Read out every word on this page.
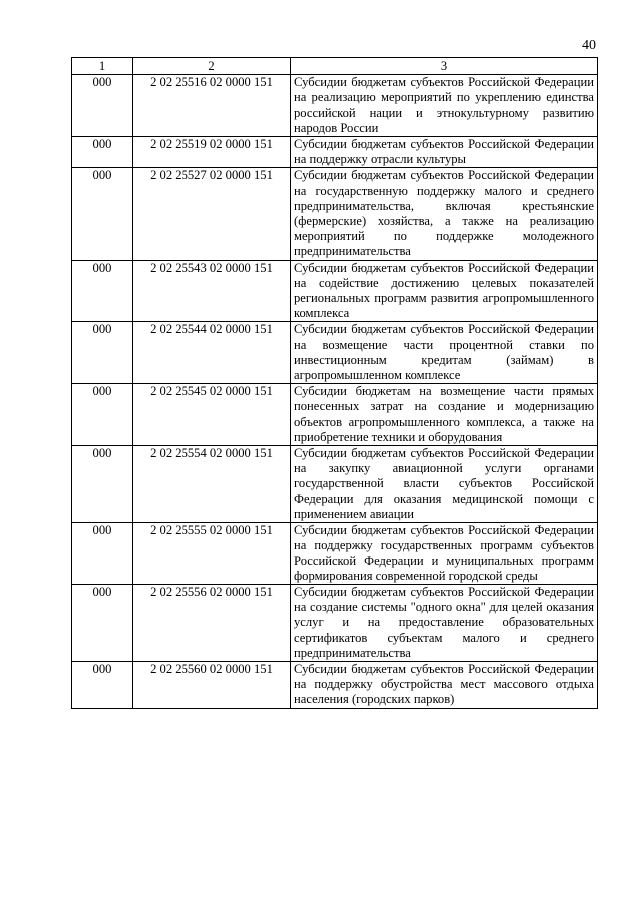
40
1	2	3
000	2 02 25516 02 0000 151	Субсидии бюджетам субъектов Российской Федерации на реализацию мероприятий по укреплению единства российской нации и этнокультурному развитию народов России
000	2 02 25519 02 0000 151	Субсидии бюджетам субъектов Российской Федерации на поддержку отрасли культуры
000	2 02 25527 02 0000 151	Субсидии бюджетам субъектов Российской Федерации на государственную поддержку малого и среднего предпринимательства, включая крестьянские (фермерские) хозяйства, а также на реализацию мероприятий по поддержке молодежного предпринимательства
000	2 02 25543 02 0000 151	Субсидии бюджетам субъектов Российской Федерации на содействие достижению целевых показателей региональных программ развития агропромышленного комплекса
000	2 02 25544 02 0000 151	Субсидии бюджетам субъектов Российской Федерации на возмещение части процентной ставки по инвестиционным кредитам (займам) в агропромышленном комплексе
000	2 02 25545 02 0000 151	Субсидии бюджетам на возмещение части прямых понесенных затрат на создание и модернизацию объектов агропромышленного комплекса, а также на приобретение техники и оборудования
000	2 02 25554 02 0000 151	Субсидии бюджетам субъектов Российской Федерации на закупку авиационной услуги органами государственной власти субъектов Российской Федерации для оказания медицинской помощи с применением авиации
000	2 02 25555 02 0000 151	Субсидии бюджетам субъектов Российской Федерации на поддержку государственных программ субъектов Российской Федерации и муниципальных программ формирования современной городской среды
000	2 02 25556 02 0000 151	Субсидии бюджетам субъектов Российской Федерации на создание системы "одного окна" для целей оказания услуг и на предоставление образовательных сертификатов субъектам малого и среднего предпринимательства
000	2 02 25560 02 0000 151	Субсидии бюджетам субъектов Российской Федерации на поддержку обустройства мест массового отдыха населения (городских парков)
